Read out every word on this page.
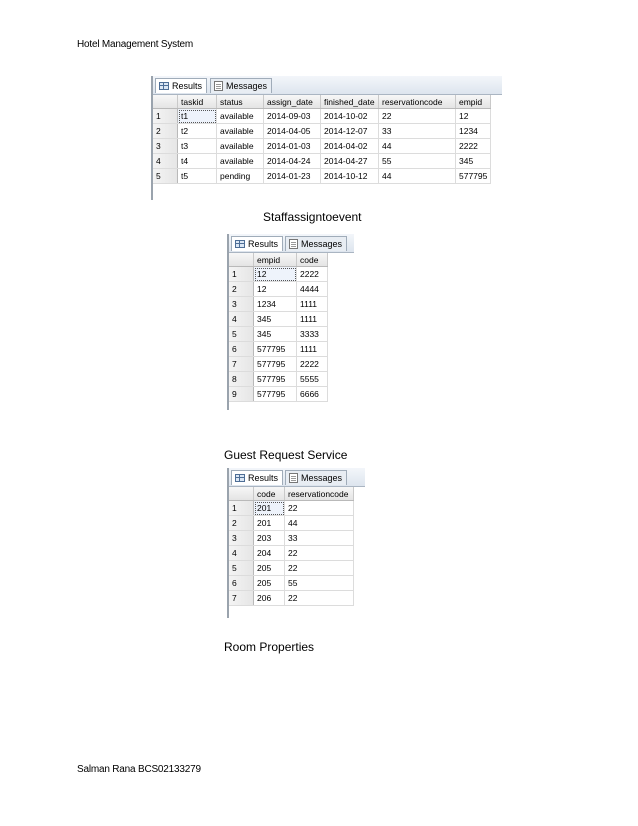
Hotel Management System
Results	Messages
	taskid	status	assign_date	finished_date	reservationcode	empid
1	t1	available	2014-09-03	2014-10-02	22	12
2	t2	available	2014-04-05	2014-12-07	33	1234
3	t3	available	2014-01-03	2014-04-02	44	2222
4	t4	available	2014-04-24	2014-04-27	55	345
5	t5	pending	2014-01-23	2014-10-12	44	577795
Staffassigntoevent
Results	Messages
	empid	code
1	12	2222
2	12	4444
3	1234	1111
4	345	1111
5	345	3333
6	577795	1111
7	577795	2222
8	577795	5555
9	577795	6666
Guest Request Service
Results	Messages
	code	reservationcode
1	201	22
2	201	44
3	203	33
4	204	22
5	205	22
6	205	55
7	206	22
Room Properties
Salman Rana BCS02133279
